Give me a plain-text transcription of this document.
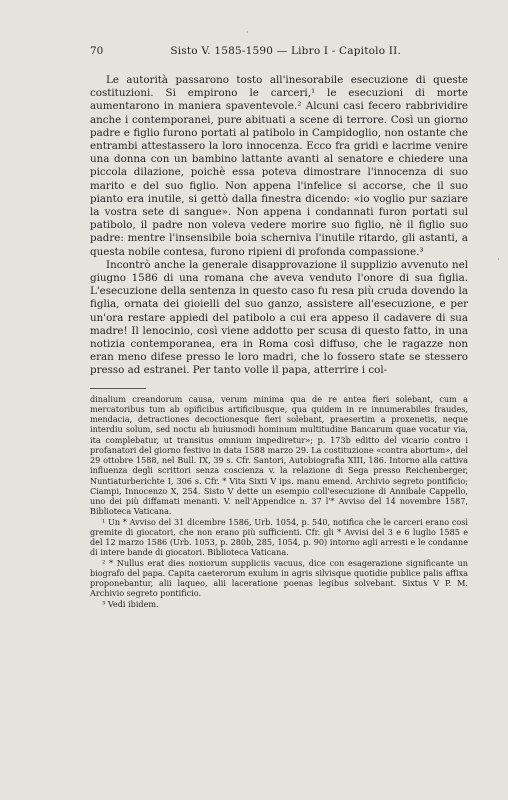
·
·
70	Sisto V. 1585-1590 — Libro I - Capitolo II.

Le autorità passarono tosto all'inesorabile esecuzione di queste costituzioni. Si empirono le carceri,¹ le esecuzioni di morte aumentarono in maniera spaventevole.² Alcuni casi fecero rabbrividire anche i contemporanei, pure abituati a scene di terrore. Così un giorno padre e figlio furono portati al patibolo in Campidoglio, non ostante che entrambi attestassero la loro innocenza. Ecco fra gridi e lacrime venire una donna con un bambino lattante avanti al senatore e chiedere una piccola dilazione, poichè essa poteva dimostrare l'innocenza di suo marito e del suo figlio. Non appena l'infelice si accorse, che il suo pianto era inutile, si gettò dalla finestra dicendo: «io voglio pur saziare la vostra sete di sangue». Non appena i condannati furon portati sul patibolo, il padre non voleva vedere morire suo figlio, nè il figlio suo padre: mentre l'insensibile boia scherniva l'inutile ritardo, gli astanti, a questa nobile contesa, furono ripieni di profonda compassione.³

Incontrò anche la generale disapprovazione il supplizio avvenuto nel giugno 1586 di una romana che aveva venduto l'onore di sua figlia. L'esecuzione della sentenza in questo caso fu resa più cruda dovendo la figlia, ornata dei gioielli del suo ganzo, assistere all'esecuzione, e per un'ora restare appiedi del patibolo a cui era appeso il cadavere di sua madre! Il lenocinio, così viene addotto per scusa di questo fatto, in una notizia contemporanea, era in Roma così diffuso, che le ragazze non eran meno difese presso le loro madri, che lo fossero state se stessero presso ad estranei. Per tanto volle il papa, atterrire i col-

dinalium creandorum causa, verum minima qua de re antea fieri solebant, cum a mercatoribus tum ab opificibus artificibusque, qua quidem in re innumerabiles fraudes, mendacia, detractiones decoctionesque fieri solebant, praesertim a proxenetis, neque interdiu solum, sed noctu ab huiusmodi hominum multitudine Bancarum quae vocatur via, ita complebatur, ut transitus omnium impediretur»; p. 173b editto del vicario contro i profanatori del giorno festivo in data 1588 marzo 29. La costituzione «contra abortum», del 29 ottobre 1588, nel Bull. IX, 39 s. Cfr. Santori, Autobiografia XIII, 186. Intorno alla cattiva influenza degli scrittori senza coscienza v. la relazione di Sega presso Reichenberger, Nuntiaturberichte I, 306 s. Cfr. * Vita Sixti V ips. manu emend. Archivio segreto pontificio; Ciampi, Innocenzo X, 254. Sisto V dette un esempio coll'esecuzione di Annibale Cappello, uno dei più diffamati menanti. V. nell'Appendice n. 37 l'* Avviso del 14 novembre 1587, Biblioteca Vaticana.

¹ Un * Avviso del 31 dicembre 1586, Urb. 1054, p. 540, notifica che le carceri erano così gremite di giocatori, che non erano più sufficienti. Cfr. gli * Avvisi del 3 e 6 luglio 1585 e del 12 marzo 1586 (Urb. 1053, p. 280b, 285, 1054, p. 90) intorno agli arresti e le condanne di intere bande di giocatori. Biblioteca Vaticana.

² * Nullus erat dies noxiorum suppliciis vacuus, dice con esagerazione significante un biografo del papa. Capita caeterorum exulum in agris silvisque quotidie publice palis affixa proponebantur, alii laqueo, alii laceratione poenas legibus solvebant. Sixtus V P. M. Archivio segreto pontificio.

³ Vedi ibidem.
